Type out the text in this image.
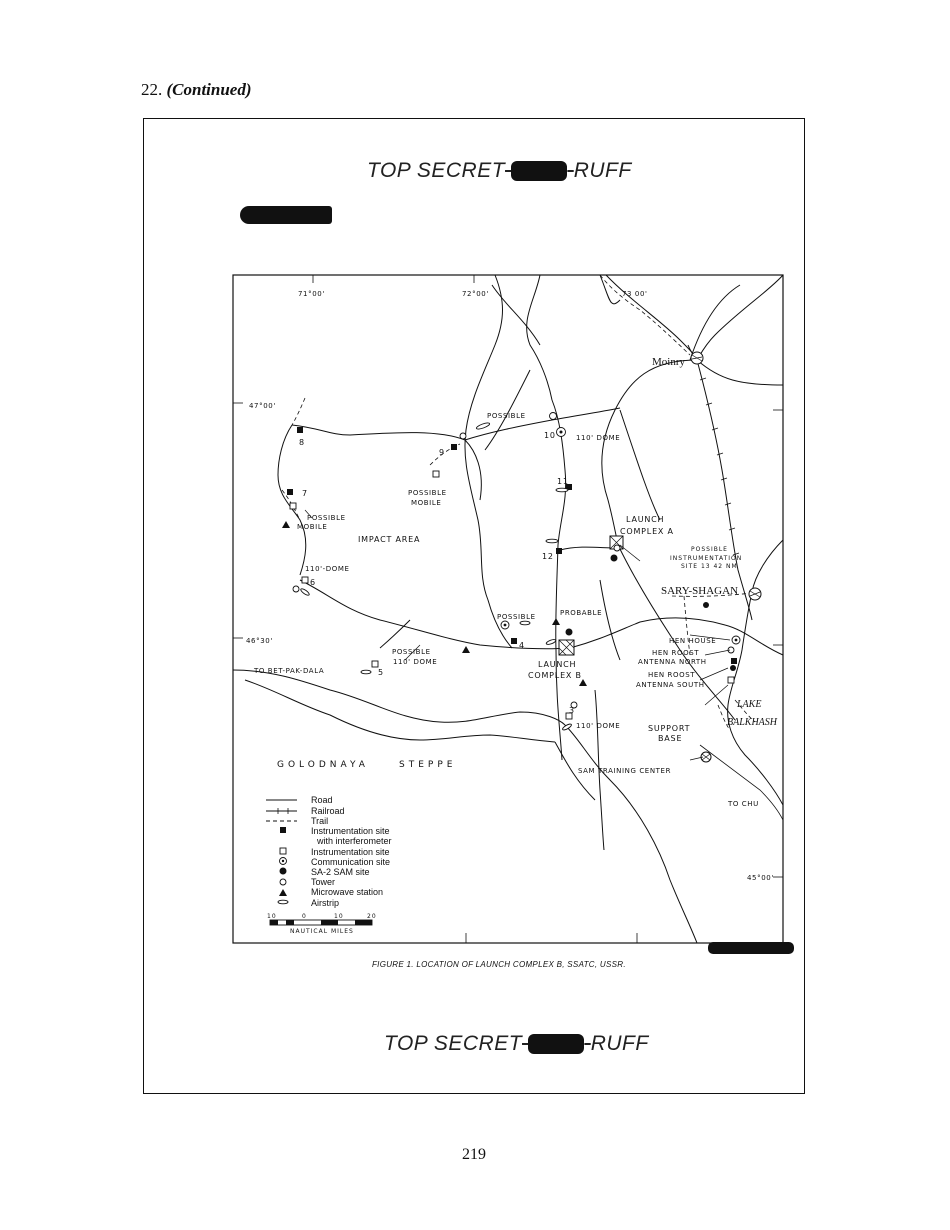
22. (Continued)
TOP SECRET	RUFF
71°00'	72°00'	73 00'
47°00'
46°30'
45°00'
Moinry
SARY-SHAGAN
LAKE
BALKHASH
GOLODNAYA	STEPPE
IMPACT AREA
TO BET-PAK-DALA
TO CHU
LAUNCH
COMPLEX A
LAUNCH
COMPLEX B
POSSIBLE
110' DOME
POSSIBLE
MOBILE
POSSIBLE
MOBILE
110'-DOME
POSSIBLE	PROBABLE
POSSIBLE
110' DOME
110' DOME
POSSIBLE
INSTRUMENTATION
SITE 13 42 NM
HEN HOUSE
HEN ROOST
ANTENNA NORTH
HEN ROOST
ANTENNA SOUTH
SUPPORT
BASE
SAM TRAINING CENTER
3
4
5
6
7
8
9
10
11
12
Road
Railroad
Trail
Instrumentation site
with interferometer
Instrumentation site
Communication site
SA-2 SAM site
Tower
Microwave station
Airstrip
10	0	10	20
NAUTICAL MILES
FIGURE 1. LOCATION OF LAUNCH COMPLEX B, SSATC, USSR.
TOP SECRET	RUFF
219
